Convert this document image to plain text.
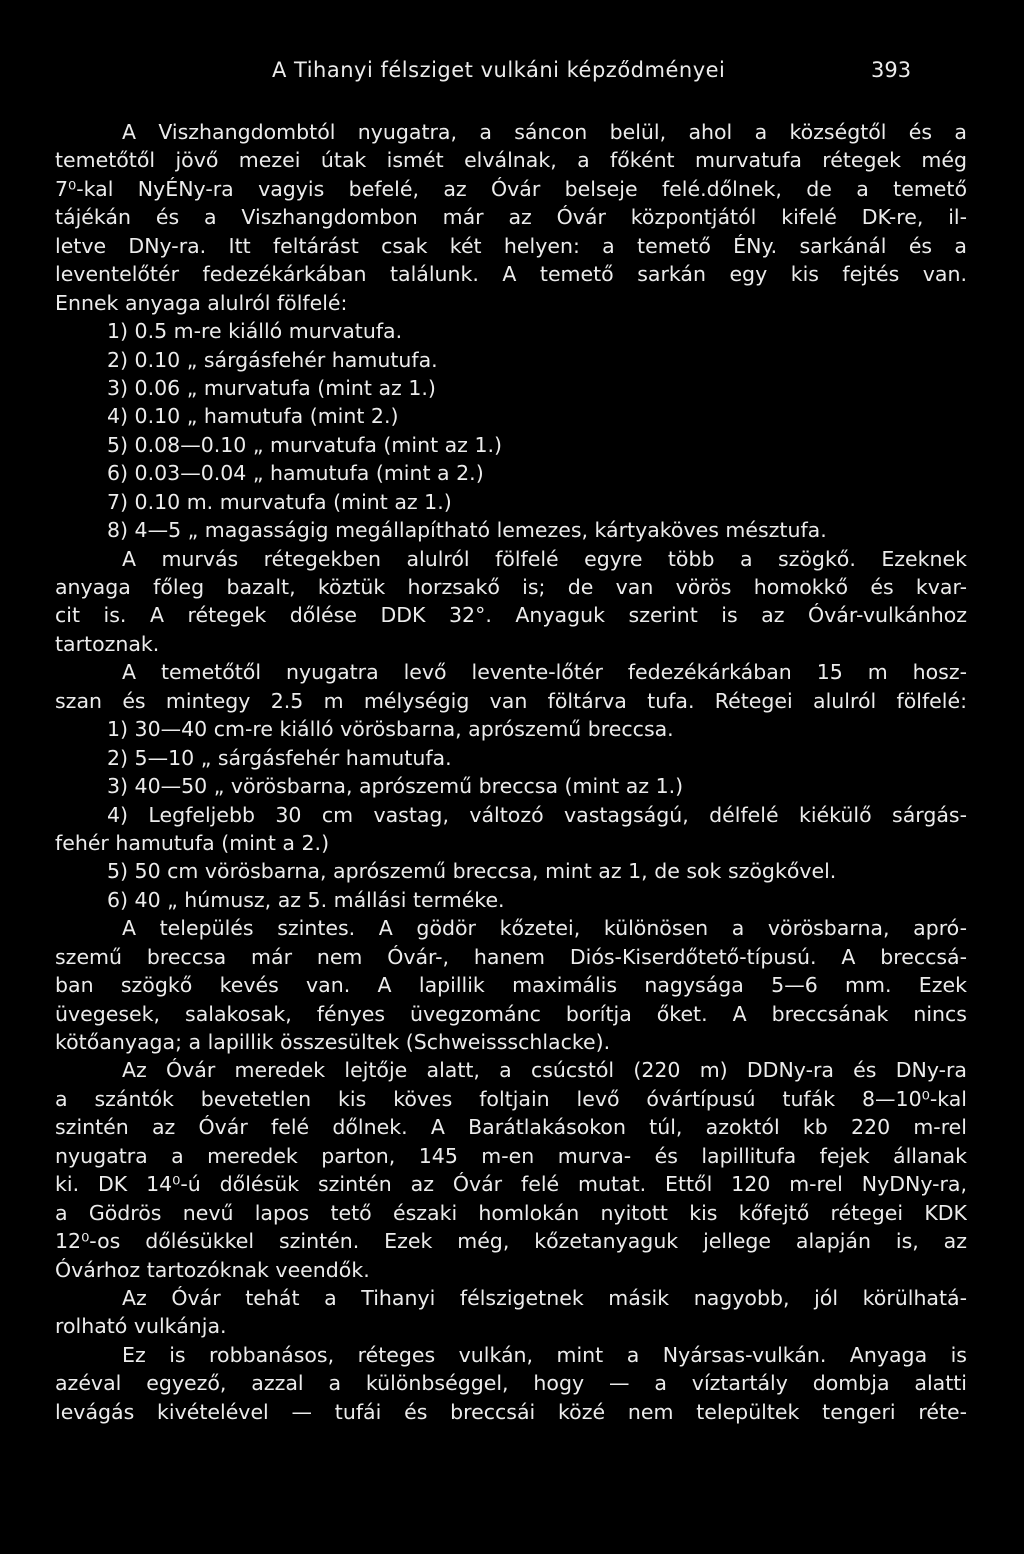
A Tihanyi félsziget vulkáni képződményei	393
A Viszhangdombtól nyugatra, a sáncon belül, ahol a községtől és a
temetőtől jövő mezei útak ismét elválnak, a főként murvatufa rétegek még
7⁰-kal NyÉNy-ra vagyis befelé, az Óvár belseje felé.dőlnek, de a temető
tájékán és a Viszhangdombon már az Óvár központjától kifelé DK-re, il-
letve DNy-ra. Itt feltárást csak két helyen: a temető ÉNy. sarkánál és a
leventelőtér fedezékárkában találunk. A temető sarkán egy kis fejtés van.
Ennek anyaga alulról fölfelé:
1) 0.5 m-re kiálló murvatufa.
2) 0.10 „ sárgásfehér hamutufa.
3) 0.06 „ murvatufa (mint az 1.)
4) 0.10 „ hamutufa (mint 2.)
5) 0.08—0.10 „ murvatufa (mint az 1.)
6) 0.03—0.04 „ hamutufa (mint a 2.)
7) 0.10 m. murvatufa (mint az 1.)
8) 4—5 „ magasságig megállapítható lemezes, kártyaköves mésztufa.
A murvás rétegekben alulról fölfelé egyre több a szögkő. Ezeknek
anyaga főleg bazalt, köztük horzsakő is; de van vörös homokkő és kvar-
cit is. A rétegek dőlése DDK 32°. Anyaguk szerint is az Óvár-vulkánhoz
tartoznak.
A temetőtől nyugatra levő levente-lőtér fedezékárkában 15 m hosz-
szan és mintegy 2.5 m mélységig van föltárva tufa. Rétegei alulról fölfelé:
1) 30—40 cm-re kiálló vörösbarna, aprószemű breccsa.
2) 5—10 „ sárgásfehér hamutufa.
3) 40—50 „ vörösbarna, aprószemű breccsa (mint az 1.)
4) Legfeljebb 30 cm vastag, változó vastagságú, délfelé kiékülő sárgás-
fehér hamutufa (mint a 2.)
5) 50 cm vörösbarna, aprószemű breccsa, mint az 1, de sok szögkővel.
6) 40 „ húmusz, az 5. mállási terméke.
A település szintes. A gödör kőzetei, különösen a vörösbarna, apró-
szemű breccsa már nem Óvár-, hanem Diós-Kiserdőtető-típusú. A breccsá-
ban szögkő kevés van. A lapillik maximális nagysága 5—6 mm. Ezek
üvegesek, salakosak, fényes üvegzománc borítja őket. A breccsának nincs
kötőanyaga; a lapillik összesültek (Schweissschlacke).
Az Óvár meredek lejtője alatt, a csúcstól (220 m) DDNy-ra és DNy-ra
a szántók bevetetlen kis köves foltjain levő óvártípusú tufák 8—10⁰-kal
szintén az Óvár felé dőlnek. A Barátlakásokon túl, azoktól kb 220 m-rel
nyugatra a meredek parton, 145 m-en murva- és lapillitufa fejek állanak
ki. DK 14⁰-ú dőlésük szintén az Óvár felé mutat. Ettől 120 m-rel NyDNy-ra,
a Gödrös nevű lapos tető északi homlokán nyitott kis kőfejtő rétegei KDK
12⁰-os dőlésükkel szintén. Ezek még, kőzetanyaguk jellege alapján is, az
Óvárhoz tartozóknak veendők.
Az Óvár tehát a Tihanyi félszigetnek másik nagyobb, jól körülhatá-
rolható vulkánja.
Ez is robbanásos, réteges vulkán, mint a Nyársas-vulkán. Anyaga is
azéval egyező, azzal a különbséggel, hogy — a víztartály dombja alatti
levágás kivételével — tufái és breccsái közé nem települtek tengeri réte-
